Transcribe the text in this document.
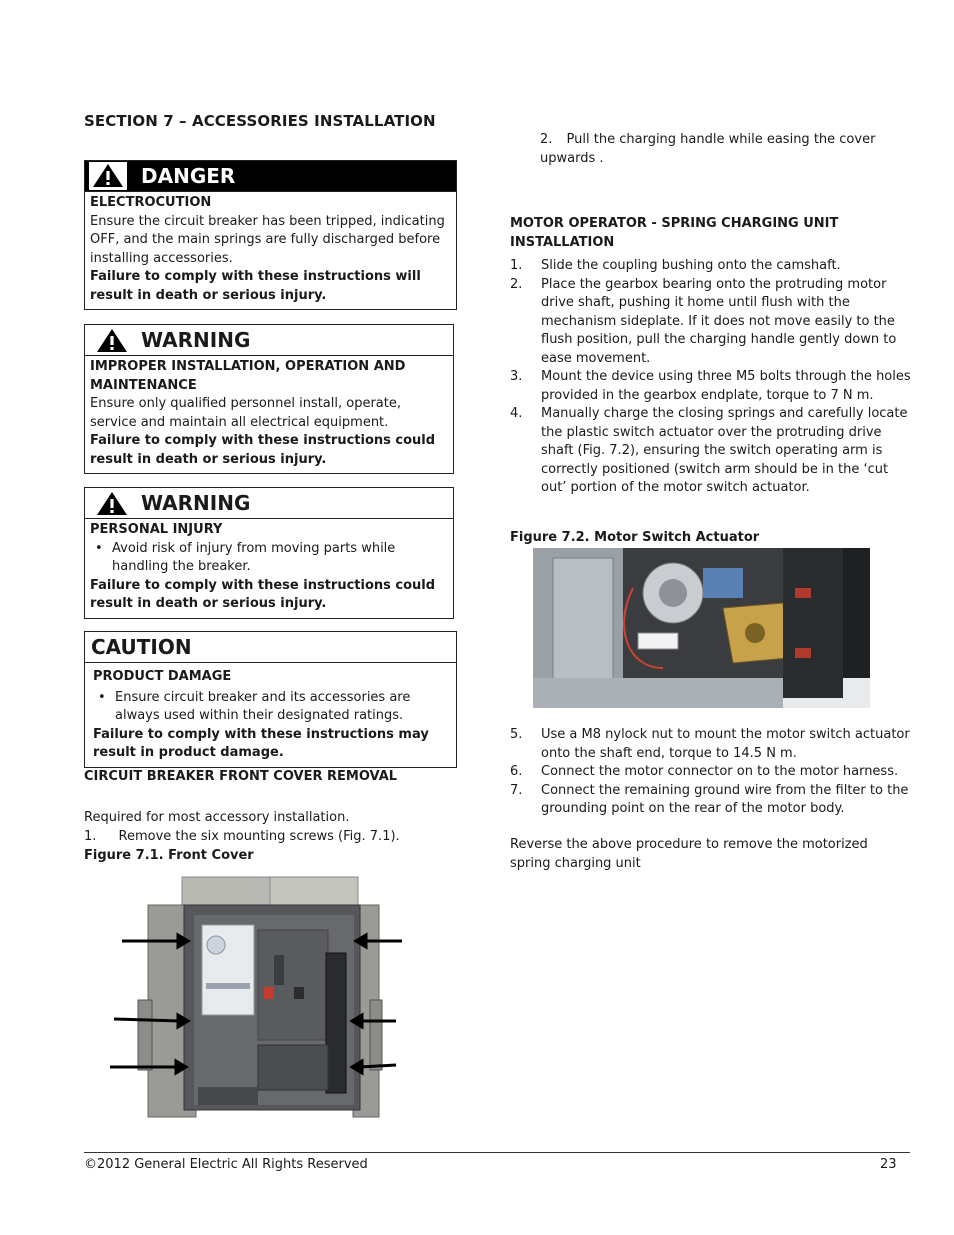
SECTION 7 – ACCESSORIES INSTALLATION
DANGER
ELECTROCUTION
Ensure the circuit breaker has been tripped, indicating OFF, and the main springs are fully discharged before installing accessories.
Failure to comply with these instructions will result in death or serious injury.
WARNING
IMPROPER INSTALLATION, OPERATION AND MAINTENANCE
Ensure only qualified personnel install, operate, service and maintain all electrical equipment.
Failure to comply with these instructions could result in death or serious injury.
WARNING
PERSONAL INJURY
• Avoid risk of injury from moving parts while handling the breaker.
Failure to comply with these instructions could result in death or serious injury.
CAUTION
PRODUCT DAMAGE
• Ensure circuit breaker and its accessories are always used within their designated ratings.
Failure to comply with these instructions may result in product damage.
CIRCUIT BREAKER FRONT COVER REMOVAL
Required for most accessory installation.
1. Remove the six mounting screws (Fig. 7.1).
Figure 7.1. Front Cover
2. Pull the charging handle while easing the cover upwards .
MOTOR OPERATOR - SPRING CHARGING UNIT INSTALLATION
1. Slide the coupling bushing onto the camshaft.
2. Place the gearbox bearing onto the protruding motor drive shaft, pushing it home until flush with the mechanism sideplate. If it does not move easily to the flush position, pull the charging handle gently down to ease movement.
3. Mount the device using three M5 bolts through the holes provided in the gearbox endplate, torque to 7 N m.
4. Manually charge the closing springs and carefully locate the plastic switch actuator over the protruding drive shaft (Fig. 7.2), ensuring the switch operating arm is correctly positioned (switch arm should be in the ‘cut out’ portion of the motor switch actuator.
Figure 7.2. Motor Switch Actuator
5. Use a M8 nylock nut to mount the motor switch actuator onto the shaft end, torque to 14.5 N m.
6. Connect the motor connector on to the motor harness.
7. Connect the remaining ground wire from the filter to the grounding point on the rear of the motor body.
Reverse the above procedure to remove the motorized spring charging unit
©2012 General Electric All Rights Reserved	23
